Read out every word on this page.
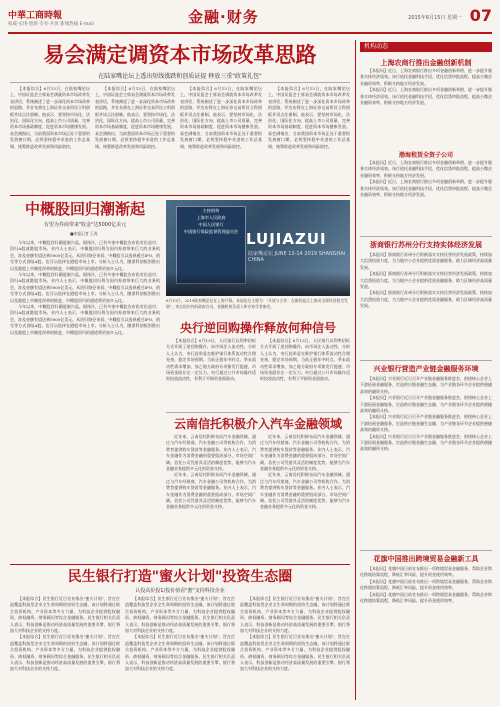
中華工商時報
权威·实用·创新·专业·开放 新闻热线 E-mail	金融·财务	2015年6月15日 星期一 07
易会满定调资本市场改革思路
在陆家嘴论坛上透出短线涨跌和创质证提 释放三重"政策礼包"

【本报综合】6月13日，在陆家嘴论坛上，中国证监会主席易会满就资本市场改革发表讲话，系统阐述了进一步深化资本市场改革的思路，并宣布将在上海证券交易所设立科创板并试点注册制。他表示，要坚持市场化、法治化、国际化方向，提高上市公司质量，完善资本市场基础制度，促进资本市场健康发展。易会满指出，当前我国资本市场正处于重要的发展窗口期，必须坚持稳中求进的工作总基调，统筹推进改革发展和风险防控。

【本报综合】6月13日，在陆家嘴论坛上，中国证监会主席易会满就资本市场改革发表讲话，系统阐述了进一步深化资本市场改革的思路，并宣布将在上海证券交易所设立科创板并试点注册制。他表示，要坚持市场化、法治化、国际化方向，提高上市公司质量，完善资本市场基础制度，促进资本市场健康发展。易会满指出，当前我国资本市场正处于重要的发展窗口期，必须坚持稳中求进的工作总基调，统筹推进改革发展和风险防控。

【本报综合】6月13日，在陆家嘴论坛上，中国证监会主席易会满就资本市场改革发表讲话，系统阐述了进一步深化资本市场改革的思路，并宣布将在上海证券交易所设立科创板并试点注册制。他表示，要坚持市场化、法治化、国际化方向，提高上市公司质量，完善资本市场基础制度，促进资本市场健康发展。易会满指出，当前我国资本市场正处于重要的发展窗口期，必须坚持稳中求进的工作总基调，统筹推进改革发展和风险防控。

【本报综合】6月13日，在陆家嘴论坛上，中国证监会主席易会满就资本市场改革发表讲话，系统阐述了进一步深化资本市场改革的思路，并宣布将在上海证券交易所设立科创板并试点注册制。他表示，要坚持市场化、法治化、国际化方向，提高上市公司质量，完善资本市场基础制度，促进资本市场健康发展。易会满指出，当前我国资本市场正处于重要的发展窗口期，必须坚持稳中求进的工作总基调，统筹推进改革发展和风险防控。

中概股回归潮渐起
有望为券商带来"收金"达5000亿美元
■本报记者 王涛

今年以来，中概股回归潮逐渐兴起。据统计，已有多家中概股宣布私有化退市，回归A股或港股市场。业内人士表示，中概股回归将为国内券商带来巨大的业务机会，涉及金额有望达到5000亿美元。从回归路径来看，中概股可以选择通过IPO、借壳等方式登陆A股，也可以选择在港股市场上市。分析人士认为，随着科创板的推出以及港股上市制度改革的推进，中概股回归的通道将更加多元化。

今年以来，中概股回归潮逐渐兴起。据统计，已有多家中概股宣布私有化退市，回归A股或港股市场。业内人士表示，中概股回归将为国内券商带来巨大的业务机会，涉及金额有望达到5000亿美元。从回归路径来看，中概股可以选择通过IPO、借壳等方式登陆A股，也可以选择在港股市场上市。分析人士认为，随着科创板的推出以及港股上市制度改革的推进，中概股回归的通道将更加多元化。

今年以来，中概股回归潮逐渐兴起。据统计，已有多家中概股宣布私有化退市，回归A股或港股市场。业内人士表示，中概股回归将为国内券商带来巨大的业务机会，涉及金额有望达到5000亿美元。从回归路径来看，中概股可以选择通过IPO、借壳等方式登陆A股，也可以选择在港股市场上市。分析人士认为，随着科创板的推出以及港股上市制度改革的推进，中概股回归的通道将更加多元化。

主持机构
上海市人民政府
中国人民银行
中国银行保险监督管理委员会 LUJIAZUI
陆家嘴论坛 JUNE 13-14 2019 SHANGHAI CHINA
6月13日，2019陆家嘴论坛在上海开幕。本届论坛主题为："开放与合作：在新的起点上推动全球经济稳定发展"，来自国内外的政府官员、金融机构负责人和专家学者参会。
央行逆回购操作释放何种信号

【本报综合】6月13日，人民银行以利率招标方式开展了逆回购操作，向市场注入流动性。分析人士认为，央行此举意在维护银行体系流动性合理充裕，稳定市场预期。当前正值年中时点，季末流动性需求增加，加之地方政府专项债发行提速，市场资金面存在一定压力。央行通过公开市场操作适时投放流动性，有利于平抑资金面波动。

【本报综合】6月13日，人民银行以利率招标方式开展了逆回购操作，向市场注入流动性。分析人士认为，央行此举意在维护银行体系流动性合理充裕，稳定市场预期。当前正值年中时点，季末流动性需求增加，加之地方政府专项债发行提速，市场资金面存在一定压力。央行通过公开市场操作适时投放流动性，有利于平抑资金面波动。

云南信托积极介入汽车金融领域

近年来，云南信托积极布局汽车金融领域，通过与汽车经销商、汽车金融公司等机构合作，为消费者提供购车贷款等金融服务。业内人士表示，汽车金融作为消费金融的重要组成部分，市场空间广阔。信托公司凭借其灵活的制度优势，能够为汽车金融业务提供多元化的资金支持。

近年来，云南信托积极布局汽车金融领域，通过与汽车经销商、汽车金融公司等机构合作，为消费者提供购车贷款等金融服务。业内人士表示，汽车金融作为消费金融的重要组成部分，市场空间广阔。信托公司凭借其灵活的制度优势，能够为汽车金融业务提供多元化的资金支持。

近年来，云南信托积极布局汽车金融领域，通过与汽车经销商、汽车金融公司等机构合作，为消费者提供购车贷款等金融服务。业内人士表示，汽车金融作为消费金融的重要组成部分，市场空间广阔。信托公司凭借其灵活的制度优势，能够为汽车金融业务提供多元化的资金支持。

近年来，云南信托积极布局汽车金融领域，通过与汽车经销商、汽车金融公司等机构合作，为消费者提供购车贷款等金融服务。业内人士表示，汽车金融作为消费金融的重要组成部分，市场空间广阔。信托公司凭借其灵活的制度优势，能够为汽车金融业务提供多元化的资金支持。

民生银行打造"蜜火计划"投资生态圈
认投高价投1/投价值看"蜜"支持科技企业

【本报综合】民生银行近日宣布推出"蜜火计划"，旨在打造覆盖科技型企业全生命周期的投资生态圈。该计划将通过联合投资机构、产业资本等多方力量，为科技企业提供股权融资、债权融资、财务顾问等综合金融服务。民生银行相关负责人表示，科技创新是推动经济高质量发展的重要引擎，银行将加大对科技企业的支持力度。

【本报综合】民生银行近日宣布推出"蜜火计划"，旨在打造覆盖科技型企业全生命周期的投资生态圈。该计划将通过联合投资机构、产业资本等多方力量，为科技企业提供股权融资、债权融资、财务顾问等综合金融服务。民生银行相关负责人表示，科技创新是推动经济高质量发展的重要引擎，银行将加大对科技企业的支持力度。

【本报综合】民生银行近日宣布推出"蜜火计划"，旨在打造覆盖科技型企业全生命周期的投资生态圈。该计划将通过联合投资机构、产业资本等多方力量，为科技企业提供股权融资、债权融资、财务顾问等综合金融服务。民生银行相关负责人表示，科技创新是推动经济高质量发展的重要引擎，银行将加大对科技企业的支持力度。

【本报综合】民生银行近日宣布推出"蜜火计划"，旨在打造覆盖科技型企业全生命周期的投资生态圈。该计划将通过联合投资机构、产业资本等多方力量，为科技企业提供股权融资、债权融资、财务顾问等综合金融服务。民生银行相关负责人表示，科技创新是推动经济高质量发展的重要引擎，银行将加大对科技企业的支持力度。

【本报综合】民生银行近日宣布推出"蜜火计划"，旨在打造覆盖科技型企业全生命周期的投资生态圈。该计划将通过联合投资机构、产业资本等多方力量，为科技企业提供股权融资、债权融资、财务顾问等综合金融服务。民生银行相关负责人表示，科技创新是推动经济高质量发展的重要引擎，银行将加大对科技企业的支持力度。

【本报综合】民生银行近日宣布推出"蜜火计划"，旨在打造覆盖科技型企业全生命周期的投资生态圈。该计划将通过联合投资机构、产业资本等多方力量，为科技企业提供股权融资、债权融资、财务顾问等综合金融服务。民生银行相关负责人表示，科技创新是推动经济高质量发展的重要引擎，银行将加大对科技企业的支持力度。

机构动态
上海农商行推出金融创新机制

【本报讯】近日，上海农商银行推出多项金融创新举措，进一步提升服务实体经济质效。该行依托金融科技手段，优化信贷审批流程，提高小微企业融资效率，积极支持地方经济发展。

【本报讯】近日，上海农商银行推出多项金融创新举措，进一步提升服务实体经济质效。该行依托金融科技手段，优化信贷审批流程，提高小微企业融资效率，积极支持地方经济发展。

渤海租赁全资子公司

【本报讯】近日，上海农商银行推出多项金融创新举措，进一步提升服务实体经济质效。该行依托金融科技手段，优化信贷审批流程，提高小微企业融资效率，积极支持地方经济发展。

【本报讯】近日，上海农商银行推出多项金融创新举措，进一步提升服务实体经济质效。该行依托金融科技手段，优化信贷审批流程，提高小微企业融资效率，积极支持地方经济发展。

浙商银行苏州分行支持实体经济发展

【本报讯】浙商银行苏州分行积极落实支持民营经济发展政策，持续加大信贷投放力度，为当地中小企业提供优质金融服务，助力区域经济高质量发展。

【本报讯】浙商银行苏州分行积极落实支持民营经济发展政策，持续加大信贷投放力度，为当地中小企业提供优质金融服务，助力区域经济高质量发展。

【本报讯】浙商银行苏州分行积极落实支持民营经济发展政策，持续加大信贷投放力度，为当地中小企业提供优质金融服务，助力区域经济高质量发展。

兴业银行营造产业链金融服务环境

【本报讯】兴业银行近日召开产业链金融服务推进会，围绕核心企业上下游拓展金融服务，打造供应链金融生态圈，为产业链各环节企业提供便捷高效的融资支持。

【本报讯】兴业银行近日召开产业链金融服务推进会，围绕核心企业上下游拓展金融服务，打造供应链金融生态圈，为产业链各环节企业提供便捷高效的融资支持。

【本报讯】兴业银行近日召开产业链金融服务推进会，围绕核心企业上下游拓展金融服务，打造供应链金融生态圈，为产业链各环节企业提供便捷高效的融资支持。

【本报讯】兴业银行近日召开产业链金融服务推进会，围绕核心企业上下游拓展金融服务，打造供应链金融生态圈，为产业链各环节企业提供便捷高效的融资支持。

花旗中国推出跨境贸易金融新工具

【本报讯】花旗中国日前宣布推出一项跨境贸易金融服务，帮助企业简化跨境结算流程，降低汇率风险，提升资金使用效率。

【本报讯】花旗中国日前宣布推出一项跨境贸易金融服务，帮助企业简化跨境结算流程，降低汇率风险，提升资金使用效率。

【本报讯】花旗中国日前宣布推出一项跨境贸易金融服务，帮助企业简化跨境结算流程，降低汇率风险，提升资金使用效率。
